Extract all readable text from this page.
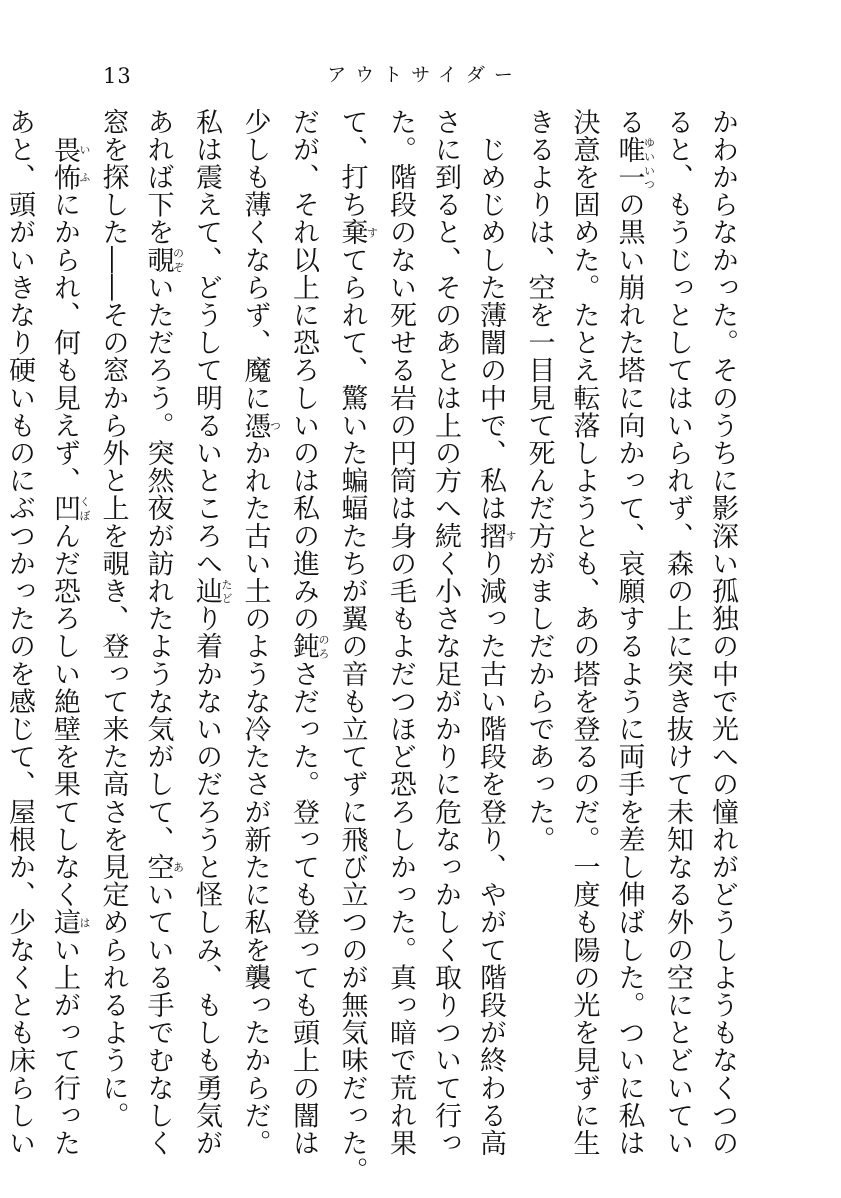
13	アウトサイダー

かわからなかった。そのうちに影深い孤独の中で光への憧れがどうしようもなくつの

ると、もうじっとしてはいられず、森の上に突き抜けて未知なる外の空にとどいてい

る唯一ゆいいつの黒い崩れた塔に向かって、哀願するように両手を差し伸ばした。ついに私は

決意を固めた。たとえ転落しようとも、あの塔を登るのだ。一度も陽の光を見ずに生

きるよりは、空を一目見て死んだ方がましだからであった。

　じめじめした薄闇の中で、私は摺すり減った古い階段を登り、やがて階段が終わる高

さに到ると、そのあとは上の方へ続く小さな足がかりに危なっかしく取りついて行っ

た。階段のない死せる岩の円筒は身の毛もよだつほど恐ろしかった。真っ暗で荒れ果

て、打ち棄すてられて、驚いた蝙蝠たちが翼の音も立てずに飛び立つのが無気味だった。

だが、それ以上に恐ろしいのは私の進みの鈍のろさだった。登っても登っても頭上の闇は

少しも薄くならず、魔に憑つかれた古い土のような冷たさが新たに私を襲ったからだ。

私は震えて、どうして明るいところへ辿たどり着かないのだろうと怪しみ、もしも勇気が

あれば下を覗のぞいただろう。突然夜が訪れたような気がして、空あいている手でむなしく

窓を探した――その窓から外と上を覗き、登って来た高さを見定められるように。

　畏怖いふにかられ、何も見えず、凹くぼんだ恐ろしい絶壁を果てしなく這はい上がって行った

あと、頭がいきなり硬いものにぶつかったのを感じて、屋根か、少なくとも床らしい
